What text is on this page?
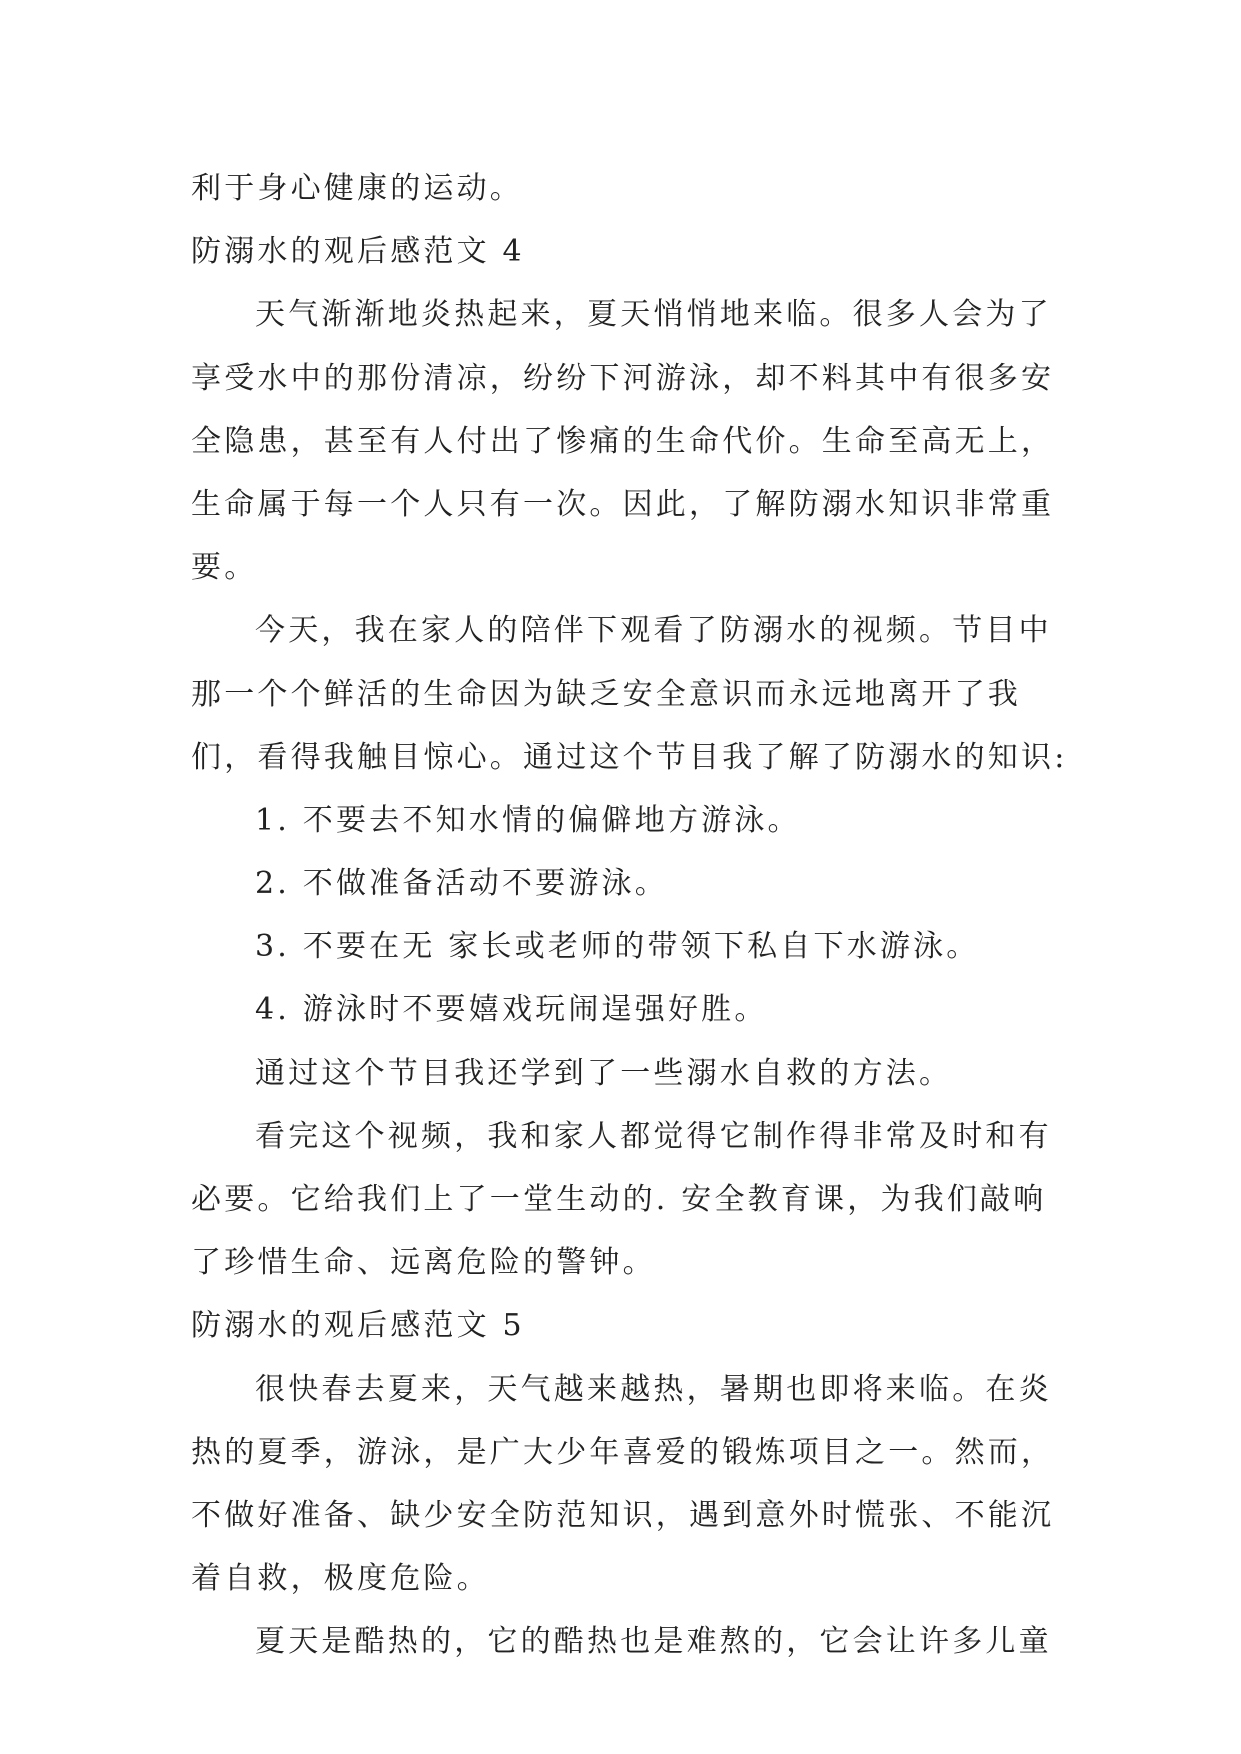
利于身心健康的运动。
防溺水的观后感范文 4
天气渐渐地炎热起来，夏天悄悄地来临。很多人会为了
享受水中的那份清凉，纷纷下河游泳，却不料其中有很多安
全隐患，甚至有人付出了惨痛的生命代价。生命至高无上，
生命属于每一个人只有一次。因此，了解防溺水知识非常重
要。
今天，我在家人的陪伴下观看了防溺水的视频。节目中
那一个个鲜活的生命因为缺乏安全意识而永远地离开了我
们，看得我触目惊心。通过这个节目我了解了防溺水的知识:
1. 不要去不知水情的偏僻地方游泳。
2. 不做准备活动不要游泳。
3. 不要在无 家长或老师的带领下私自下水游泳。
4. 游泳时不要嬉戏玩闹逞强好胜。
通过这个节目我还学到了一些溺水自救的方法。
看完这个视频，我和家人都觉得它制作得非常及时和有
必要。它给我们上了一堂生动的. 安全教育课，为我们敲响
了珍惜生命、远离危险的警钟。
防溺水的观后感范文 5
很快春去夏来，天气越来越热，暑期也即将来临。在炎
热的夏季，游泳，是广大少年喜爱的锻炼项目之一。然而，
不做好准备、缺少安全防范知识，遇到意外时慌张、不能沉
着自救，极度危险。
夏天是酷热的，它的酷热也是难熬的，它会让许多儿童
